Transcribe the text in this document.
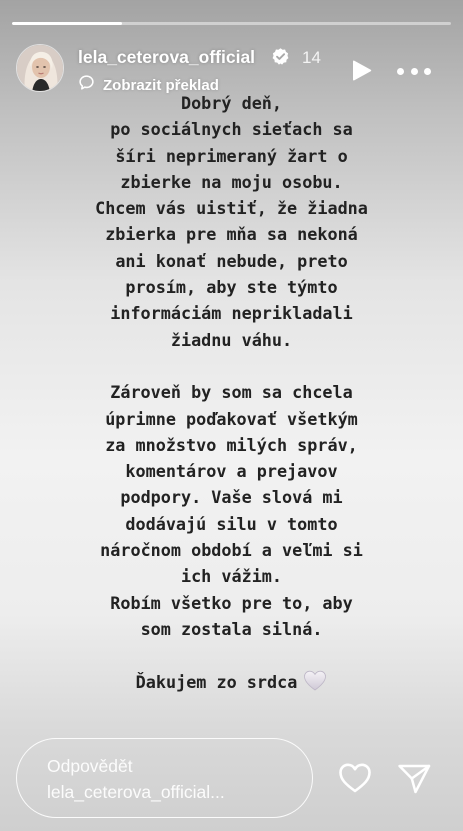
lela_ceterova_official	14
Zobrazit překlad
Dobrý deň,
po sociálnych sieťach sa
šíri neprimeraný žart o
zbierke na moju osobu.
Chcem vás uistiť, že žiadna
zbierka pre mňa sa nekoná
ani konať nebude, preto
prosím, aby ste týmto
informáciám neprikladali
žiadnu váhu.
Zároveň by som sa chcela
úprimne poďakovať všetkým
za množstvo milých správ,
komentárov a prejavov
podpory. Vaše slová mi
dodávajú silu v tomto
náročnom období a veľmi si
ich vážim.
Robím všetko pre to, aby
som zostala silná.
Ďakujem zo srdca
Odpovědět
lela_ceterova_official...
